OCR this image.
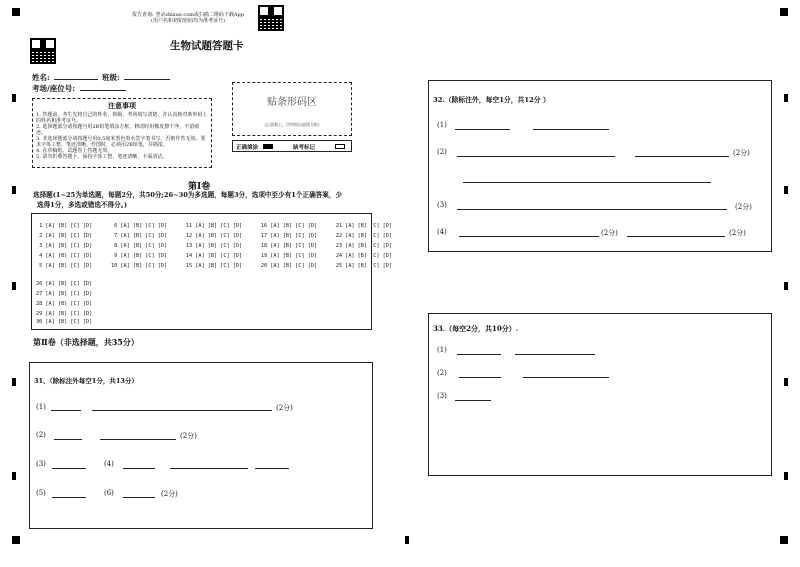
报告查询: 登录zhixue.com或扫描二维码下载App
(用户名和初始密码均为准考证号)
生物试题答题卡
姓名:	班级:
考场/座位号:
注意事项
1. 答题前，考生先将自己的姓名、班级、考场填写清楚，并认真核对条形码上的姓名和准考证号。
2. 选择题部分请按题号用2B铅笔填涂方框，修改时用橡皮擦干净，不留痕迹。
3. 非选择题部分请按题号用0.5毫米黑色墨水签字笔书写，否则作答无效。要求字体工整、笔迹清晰。作图时，必须用2B铅笔，并描浓。
4. 在草稿纸、试题卷上答题无效。
5. 请勿折叠答题卡，保持字体工整、笔迹清晰、卡面清洁。
贴条形码区
(正面朝上，切勿贴出虚线方框)
正确填涂	缺考标记
第Ⅰ卷
选择题(1~25为单选题，每题2分，共50分;26~30为多选题，每题3分，选项中至少有1个正确答案，少
选得1分，多选或错选不得分。)
1 [A] [B] [C] [D]       6 [A] [B] [C] [D]      11 [A] [B] [C] [D]      16 [A] [B] [C] [D]      21 [A] [B] [C] [D]
2 [A] [B] [C] [D]       7 [A] [B] [C] [D]      12 [A] [B] [C] [D]      17 [A] [B] [C] [D]      22 [A] [B] [C] [D]
3 [A] [B] [C] [D]       8 [A] [B] [C] [D]      13 [A] [B] [C] [D]      18 [A] [B] [C] [D]      23 [A] [B] [C] [D]
4 [A] [B] [C] [D]       9 [A] [B] [C] [D]      14 [A] [B] [C] [D]      19 [A] [B] [C] [D]      24 [A] [B] [C] [D]
5 [A] [B] [C] [D]      10 [A] [B] [C] [D]      15 [A] [B] [C] [D]      20 [A] [B] [C] [D]      25 [A] [B] [C] [D]
26 [A] [B] [C] [D]
27 [A] [B] [C] [D]
28 [A] [B] [C] [D]
29 [A] [B] [C] [D]
30 [A] [B] [C] [D]
第Ⅱ卷（非选择题，共35分）
31、（除标注外每空1分，共13分）
(1)	(2分)
(2)	(2分)
(3)	(4)
(5)	(6)	(2分)
32.（除标注外，每空1分，共12分 ）
(1)
(2)	(2分)
(3)	(2分)
(4)	(2分)	(2分)
33.（每空2分，共10分）.
(1)
(2)
(3)
